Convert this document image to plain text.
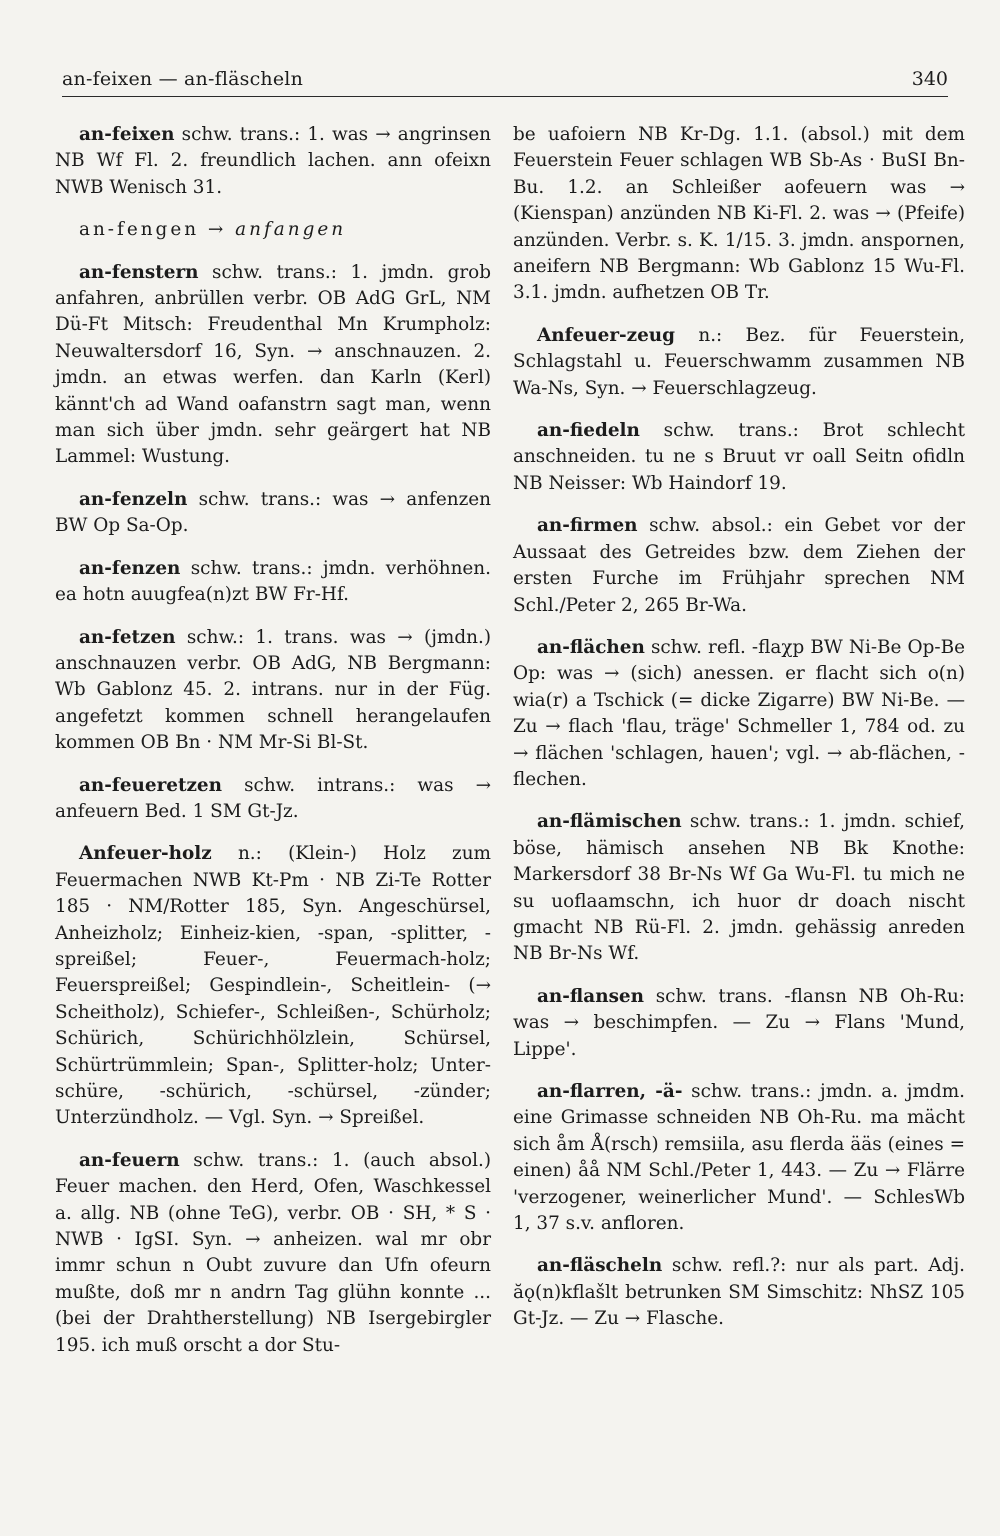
an-feixen — an-fläscheln	340

an-feixen schw. trans.: 1. was → angrinsen NB Wf Fl. 2. freundlich lachen. ann ofeixn NWB Wenisch 31.

an-fengen → anfangen

an-fenstern schw. trans.: 1. jmdn. grob anfahren, anbrüllen verbr. OB AdG GrL, NM Dü-Ft Mitsch: Freudenthal Mn Krumpholz: Neuwaltersdorf 16, Syn. → anschnauzen. 2. jmdn. an etwas werfen. dan Karln (Kerl) kännt'ch ad Wand oafanstrn sagt man, wenn man sich über jmdn. sehr geärgert hat NB Lammel: Wustung.

an-fenzeln schw. trans.: was → anfenzen BW Op Sa-Op.

an-fenzen schw. trans.: jmdn. verhöhnen. ea hotn auugfea(n)zt BW Fr-Hf.

an-fetzen schw.: 1. trans. was → (jmdn.) anschnauzen verbr. OB AdG, NB Bergmann: Wb Gablonz 45. 2. intrans. nur in der Füg. angefetzt kommen schnell herangelaufen kommen OB Bn · NM Mr-Si Bl-St.

an-feueretzen schw. intrans.: was → anfeuern Bed. 1 SM Gt-Jz.

Anfeuer-holz n.: (Klein-) Holz zum Feuermachen NWB Kt-Pm · NB Zi-Te Rotter 185 · NM/Rotter 185, Syn. Angeschürsel, Anheizholz; Einheiz-kien, -span, -splitter, -spreißel; Feuer-, Feuermach-holz; Feuerspreißel; Gespindlein-, Scheitlein- (→ Scheitholz), Schiefer-, Schleißen-, Schürholz; Schürich, Schürichhölzlein, Schürsel, Schürtrümmlein; Span-, Splitter-holz; Unter-schüre, -schürich, -schürsel, -zünder; Unterzündholz. — Vgl. Syn. → Spreißel.

an-feuern schw. trans.: 1. (auch absol.) Feuer machen. den Herd, Ofen, Waschkessel a. allg. NB (ohne TeG), verbr. OB · SH, * S · NWB · IgSI. Syn. → anheizen. wal mr obr immr schun n Oubt zuvure dan Ufn ofeurn mußte, doß mr n andrn Tag glühn konnte ... (bei der Drahtherstellung) NB Isergebirgler 195. ich muß orscht a dor Stu-

be uafoiern NB Kr-Dg. 1.1. (absol.) mit dem Feuerstein Feuer schlagen WB Sb-As · BuSI Bn-Bu. 1.2. an Schleißer aofeuern was → (Kienspan) anzünden NB Ki-Fl. 2. was → (Pfeife) anzünden. Verbr. s. K. 1/15. 3. jmdn. anspornen, aneifern NB Bergmann: Wb Gablonz 15 Wu-Fl. 3.1. jmdn. aufhetzen OB Tr.

Anfeuer-zeug n.: Bez. für Feuerstein, Schlagstahl u. Feuerschwamm zusammen NB Wa-Ns, Syn. → Feuerschlagzeug.

an-fiedeln schw. trans.: Brot schlecht anschneiden. tu ne s Bruut vr oall Seitn ofidln NB Neisser: Wb Haindorf 19.

an-firmen schw. absol.: ein Gebet vor der Aussaat des Getreides bzw. dem Ziehen der ersten Furche im Frühjahr sprechen NM Schl./Peter 2, 265 Br-Wa.

an-flächen schw. refl. -flaχp BW Ni-Be Op-Be Op: was → (sich) anessen. er flacht sich o(n) wia(r) a Tschick (= dicke Zigarre) BW Ni-Be. — Zu → flach 'flau, träge' Schmeller 1, 784 od. zu → flächen 'schlagen, hauen'; vgl. → ab-flächen, -flechen.

an-flämischen schw. trans.: 1. jmdn. schief, böse, hämisch ansehen NB Bk Knothe: Markersdorf 38 Br-Ns Wf Ga Wu-Fl. tu mich ne su uoflaamschn, ich huor dr doach nischt gmacht NB Rü-Fl. 2. jmdn. gehässig anreden NB Br-Ns Wf.

an-flansen schw. trans. -flansn NB Oh-Ru: was → beschimpfen. — Zu → Flans 'Mund, Lippe'.

an-flarren, -ä- schw. trans.: jmdn. a. jmdm. eine Grimasse schneiden NB Oh-Ru. ma mächt sich åm Å(rsch) remsiila, asu flerda ääs (eines = einen) åå NM Schl./Peter 1, 443. — Zu → Flärre 'verzogener, weinerlicher Mund'. — SchlesWb 1, 37 s.v. anfloren.

an-fläscheln schw. refl.?: nur als part. Adj. ăǫ(n)kflašlt betrunken SM Simschitz: NhSZ 105 Gt-Jz. — Zu → Flasche.
